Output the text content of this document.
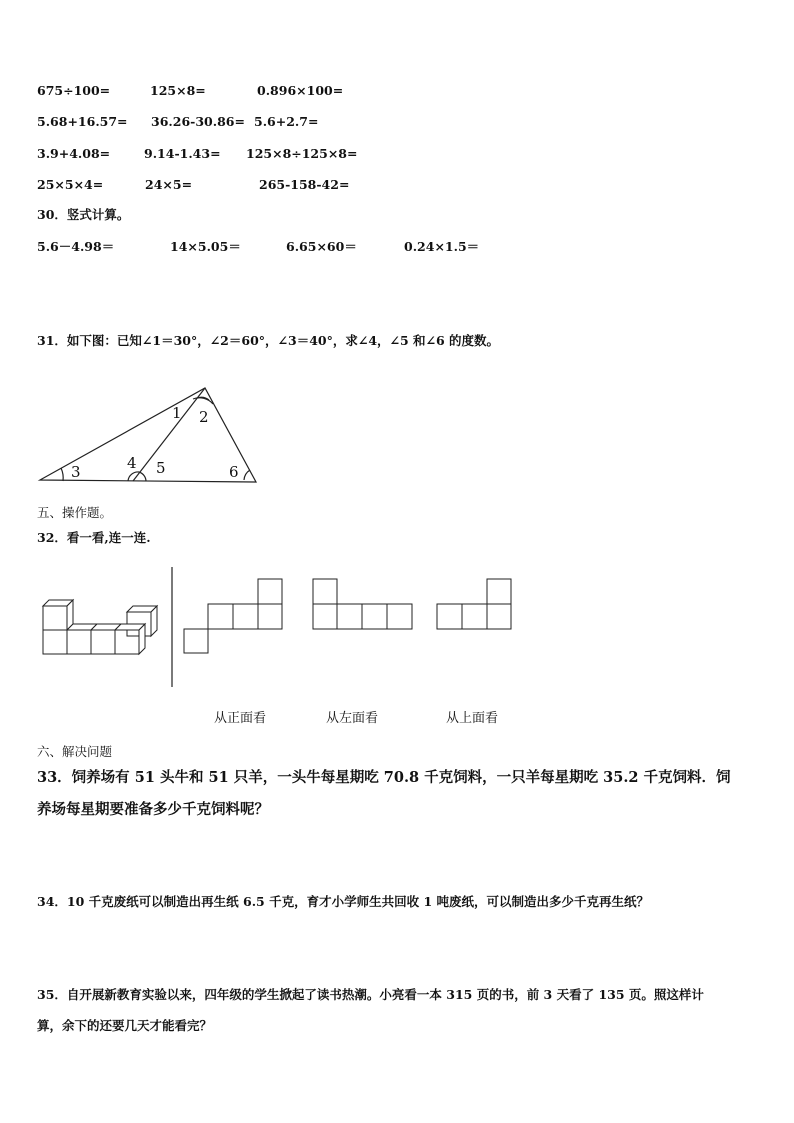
675÷100=	125×8=	0.896×100=
5.68+16.57= 36.26-30.86= 5.6+2.7=
3.9+4.08=	9.14-1.43= 125×8÷125×8=
25×5×4=	24×5=	265-158-42=
30．竖式计算。
5.6－4.98＝	14×5.05＝	6.65×60＝	0.24×1.5＝
31．如下图：已知∠1＝30°，∠2＝60°，∠3＝40°，求∠4，∠5 和∠6 的度数。
1 2
3	4 5	6
五、操作题。
32．看一看,连一连.
从正面看	从左面看	从上面看
六、解决问题
33．饲养场有 51 头牛和 51 只羊，一头牛每星期吃 70.8 千克饲料，一只羊每星期吃 35.2 千克饲料．饲
养场每星期要准备多少千克饲料呢？
34．10 千克废纸可以制造出再生纸 6.5 千克，育才小学师生共回收 1 吨废纸，可以制造出多少千克再生纸？
35．自开展新教育实验以来，四年级的学生掀起了读书热潮。小亮看一本 315 页的书，前 3 天看了 135 页。照这样计
算，余下的还要几天才能看完？
